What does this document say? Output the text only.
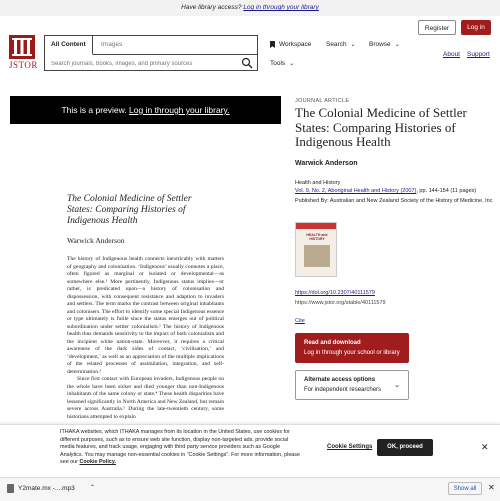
Have library access? Log in through your library
JSTOR
All Content	Images
Search journals, books, images, and primary sources	Workspace Search ⌄ Browse ⌄
Tools ⌄
Register	Log in
About Support
This is a preview. Log in through your library.
The Colonial Medicine of Settler States: Comparing Histories of Indigenous Health
Warwick Anderson

The history of Indigenous health connects inextricably with matters of geography and colonisation. ‘Indigenous’ usually connotes a place, often figured as marginal or isolated or developmental—as somewhere else.¹ More pertinently, Indigenous status implies—or rather, is predicated upon—a history of colonisation and dispossession, with consequent resistance and adaption to invaders and settlers. The term marks the contrast between original inhabitants and colonisers. The effort to identify some special Indigenous essence or type ultimately is futile since the status emerges out of political subordination under settler colonialism.² The history of Indigenous health thus demands sensitivity to the impact of both colonialism and the incipient white nation-state. Moreover, it requires a critical awareness of the dark sides of contact, ‘civilisation,’ and ‘development,’ as well as an appreciation of the multiple implications of the related processes of assimilation, integration, and self-determination.³

Since first contact with European invaders, Indigenous people on the whole have been sicker and died younger than non-Indigenous inhabitants of the same colony or state.⁴ These health disparities have lessened significantly in North America and New Zealand, but remain severe across Australia.⁵ During the late-twentieth century, some historians attempted to explain

JOURNAL ARTICLE
The Colonial Medicine of Settler States: Comparing Histories of Indigenous Health
Warwick Anderson
Health and History
Vol. 9, No. 2, Aboriginal Health and History (2007), pp. 144-154 (11 pages)
Published By: Australian and New Zealand Society of the History of Medicine, Inc
HEALTH and HISTORY
https://doi.org/10.2307/40111579
https://www.jstor.org/stable/40111579
Cite
Read and download
Log in through your school or library
Alternate access options
For independent researchers
⌄
ITHAKA websites, which ITHAKA manages from its location in the United States, use cookies for different purposes, such as to ensure web site function, display non-targeted ads, provide social media features, and track usage, engaging with third party service providers such as Google Analytics. You may manage non-essential cookies in “Cookie Settings”. For more information, please see our Cookie Policy.
Cookie Settings	OK, proceed	✕
Y2mate.mx -....mp3	⌃	Show all	✕
